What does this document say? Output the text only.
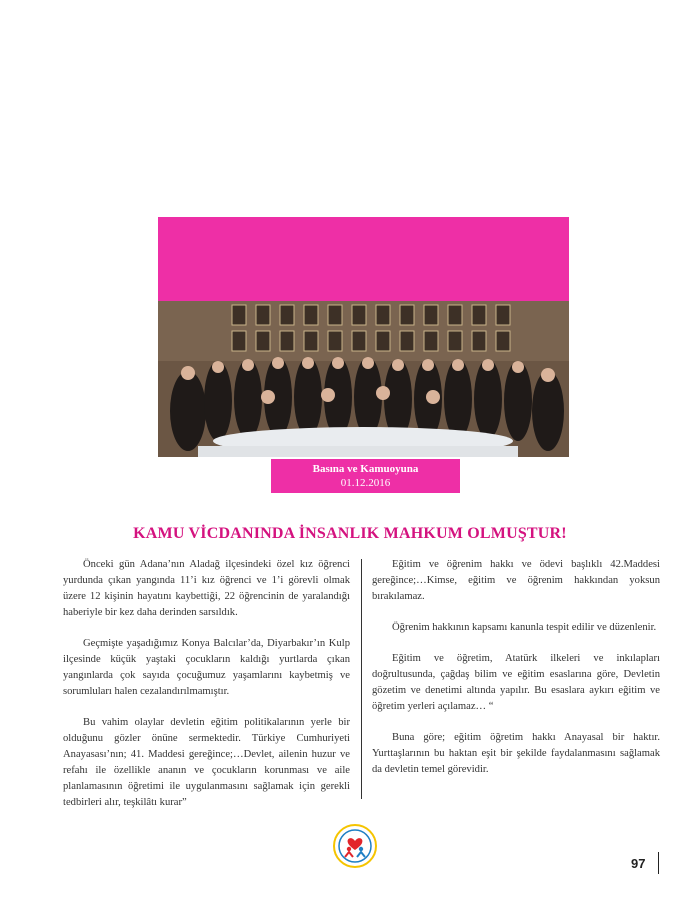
Basına ve Kamuoyuna
01.12.2016
KAMU VİCDANINDA İNSANLIK MAHKUM OLMUŞTUR!

Önceki gün Adana’nın Aladağ ilçesindeki özel kız öğrenci yurdunda çıkan yangında 11’i kız öğrenci ve 1’i görevli olmak üzere 12 kişinin hayatını kaybettiği, 22 öğrencinin de yaralandığı haberiyle bir kez daha derinden sarsıldık.

Geçmişte yaşadığımız Konya Balcılar’da, Diyarbakır’ın Kulp ilçesinde küçük yaştaki çocukların kaldığı yurtlarda çıkan yangınlarda çok sayıda çocuğumuz yaşamlarını kaybetmiş ve sorumluları halen cezalandırılmamıştır.

Bu vahim olaylar devletin eğitim politikalarının yerle bir olduğunu gözler önüne sermektedir. Türkiye Cumhuriyeti Anayasası’nın; 41. Maddesi gereğince;…Devlet, ailenin huzur ve refahı ile özellikle ananın ve çocukların korunması ve aile planlamasının öğretimi ile uygulanmasını sağlamak için gerekli tedbirleri alır, teşkilâtı kurar”

Eğitim ve öğrenim hakkı ve ödevi başlıklı 42.Maddesi gereğince;…Kimse, eğitim ve öğrenim hakkından yoksun bırakılamaz.

Öğrenim hakkının kapsamı kanunla tespit edilir ve düzenlenir.

Eğitim ve öğretim, Atatürk ilkeleri ve inkılapları doğrultusunda, çağdaş bilim ve eğitim esaslarına göre, Devletin gözetim ve denetimi altında yapılır. Bu esaslara aykırı eğitim ve öğretim yerleri açılamaz… “

Buna göre; eğitim öğretim hakkı Anayasal bir haktır. Yurttaşlarının bu haktan eşit bir şekilde faydalanmasını sağlamak da devletin temel görevidir.

97
